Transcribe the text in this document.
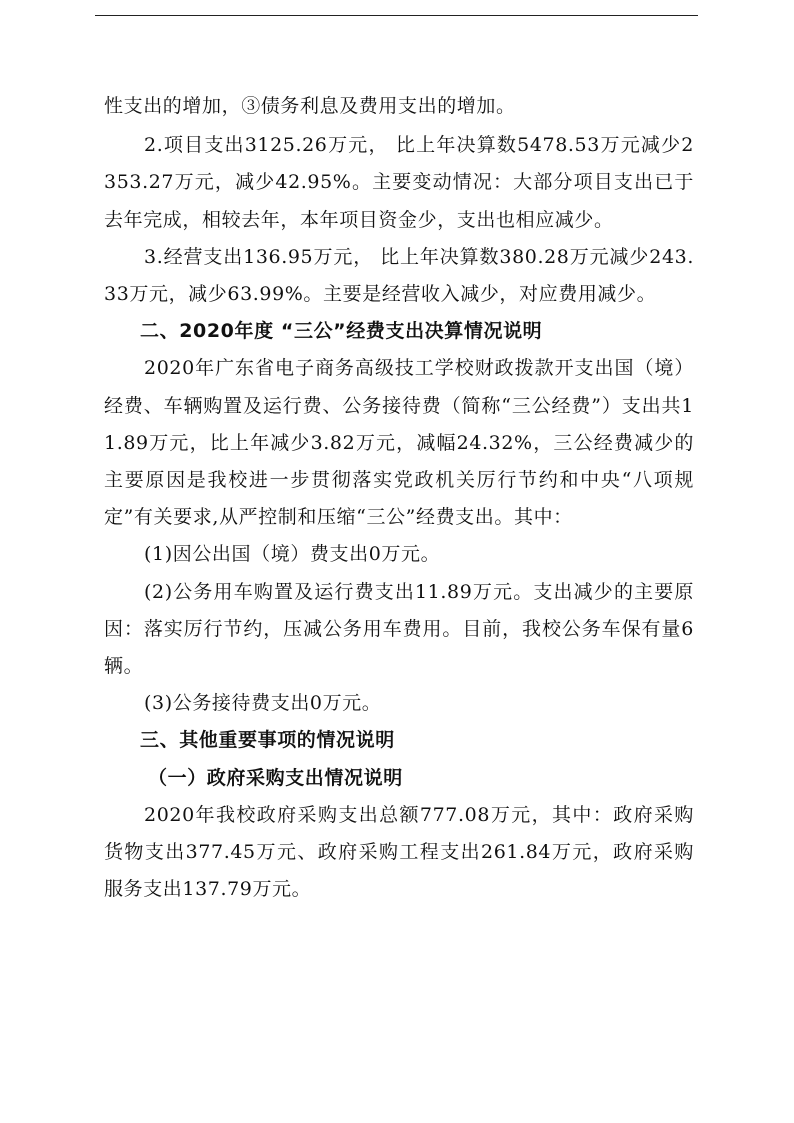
性支出的增加，③债务利息及费用支出的增加。

2.项目支出3125.26万元， 比上年决算数5478.53万元减少2353.27万元，减少42.95%。主要变动情况：大部分项目支出已于去年完成，相较去年，本年项目资金少，支出也相应减少。

3.经营支出136.95万元， 比上年决算数380.28万元减少243.33万元，减少63.99%。主要是经营收入减少，对应费用减少。

二、2020年度 “三公”经费支出决算情况说明

2020年广东省电子商务高级技工学校财政拨款开支出国（境）经费、车辆购置及运行费、公务接待费（简称“三公经费”）支出共11.89万元，比上年减少3.82万元，减幅24.32%，三公经费减少的主要原因是我校进一步贯彻落实党政机关厉行节约和中央“八项规定”有关要求,从严控制和压缩“三公”经费支出。其中：

(1)因公出国（境）费支出0万元。

(2)公务用车购置及运行费支出11.89万元。支出减少的主要原因：落实厉行节约，压减公务用车费用。目前，我校公务车保有量6辆。

(3)公务接待费支出0万元。

三、其他重要事项的情况说明
（一）政府采购支出情况说明

2020年我校政府采购支出总额777.08万元，其中：政府采购货物支出377.45万元、政府采购工程支出261.84万元，政府采购服务支出137.79万元。
